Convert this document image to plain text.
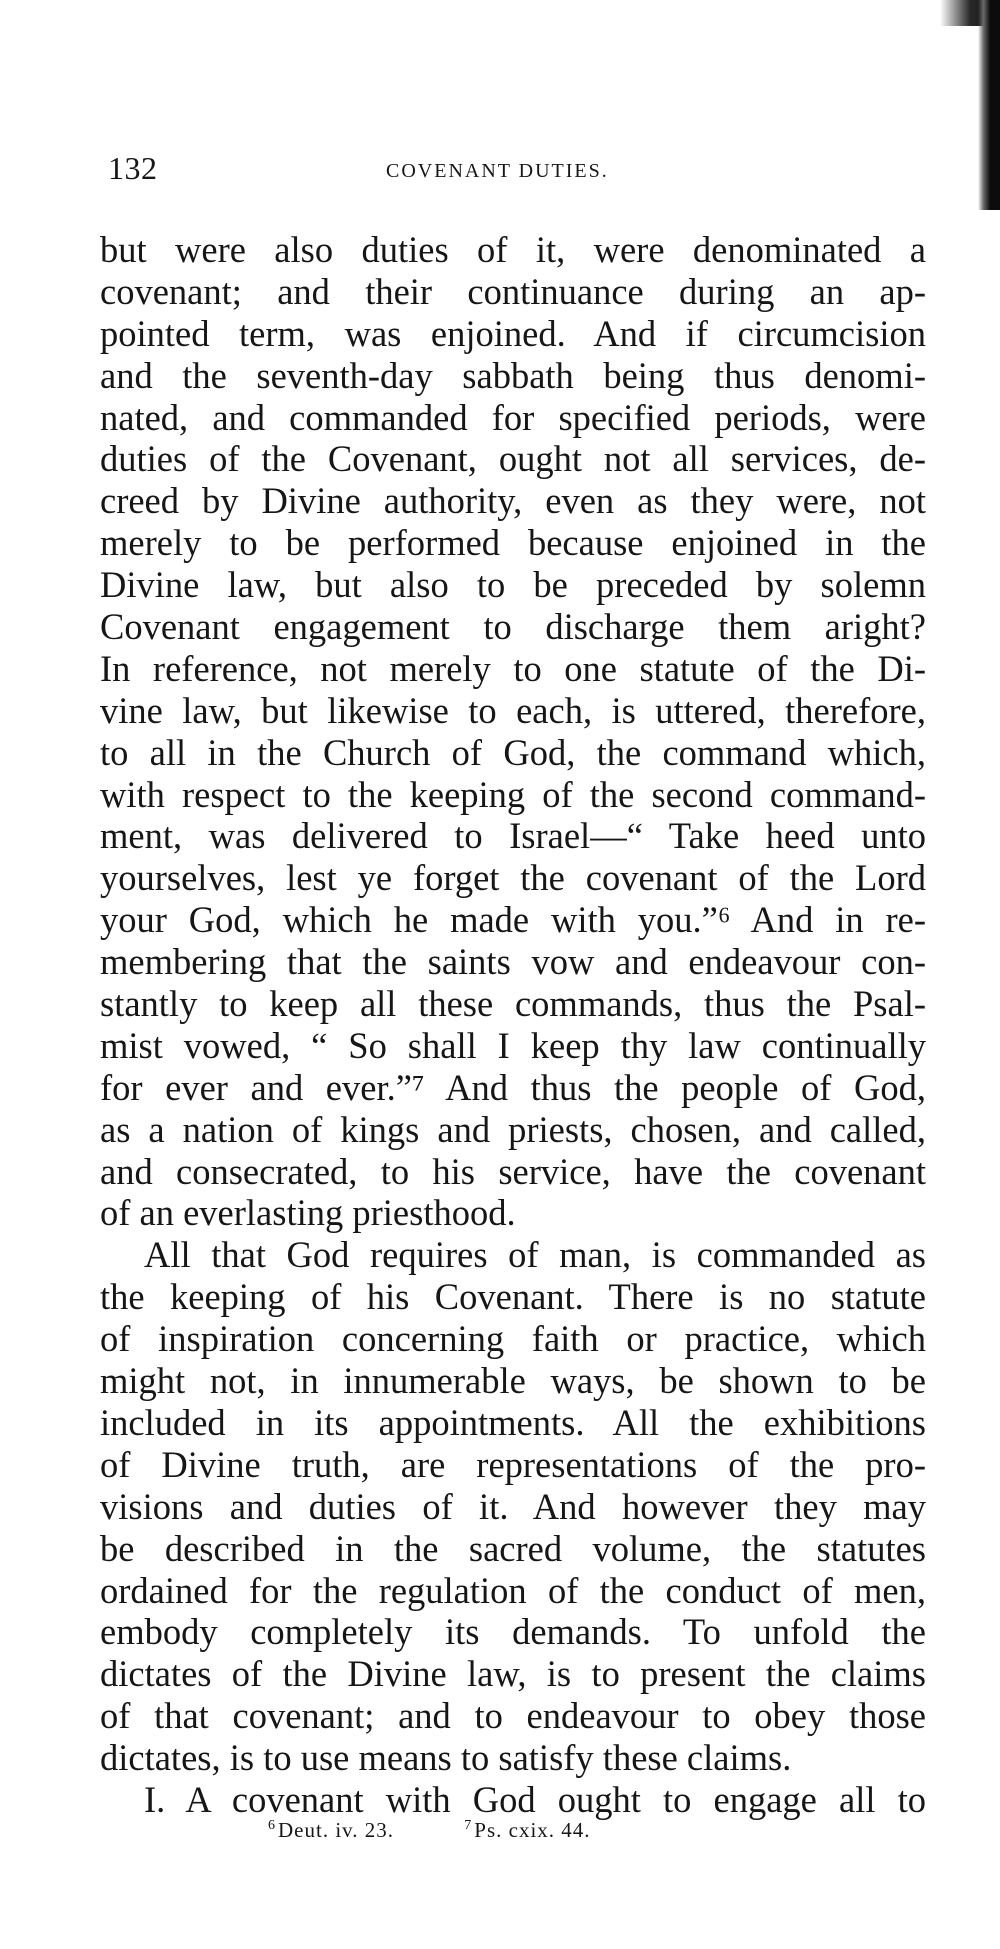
132	COVENANT DUTIES.
but were also duties of it, were denominated a
covenant; and their continuance during an ap-
pointed term, was enjoined. And if circumcision
and the seventh-day sabbath being thus denomi-
nated, and commanded for specified periods, were
duties of the Covenant, ought not all services, de-
creed by Divine authority, even as they were, not
merely to be performed because enjoined in the
Divine law, but also to be preceded by solemn
Covenant engagement to discharge them aright?
In reference, not merely to one statute of the Di-
vine law, but likewise to each, is uttered, therefore,
to all in the Church of God, the command which,
with respect to the keeping of the second command-
ment, was delivered to Israel—“ Take heed unto
yourselves, lest ye forget the covenant of the Lord
your God, which he made with you.”⁶ And in re-
membering that the saints vow and endeavour con-
stantly to keep all these commands, thus the Psal-
mist vowed, “ So shall I keep thy law continually
for ever and ever.”⁷ And thus the people of God,
as a nation of kings and priests, chosen, and called,
and consecrated, to his service, have the covenant
of an everlasting priesthood.
All that God requires of man, is commanded as
the keeping of his Covenant. There is no statute
of inspiration concerning faith or practice, which
might not, in innumerable ways, be shown to be
included in its appointments. All the exhibitions
of Divine truth, are representations of the pro-
visions and duties of it. And however they may
be described in the sacred volume, the statutes
ordained for the regulation of the conduct of men,
embody completely its demands. To unfold the
dictates of the Divine law, is to present the claims
of that covenant; and to endeavour to obey those
dictates, is to use means to satisfy these claims.
I. A covenant with God ought to engage all to
$^6$Deut. iv. 23.	$^7$Ps. cxix. 44.
